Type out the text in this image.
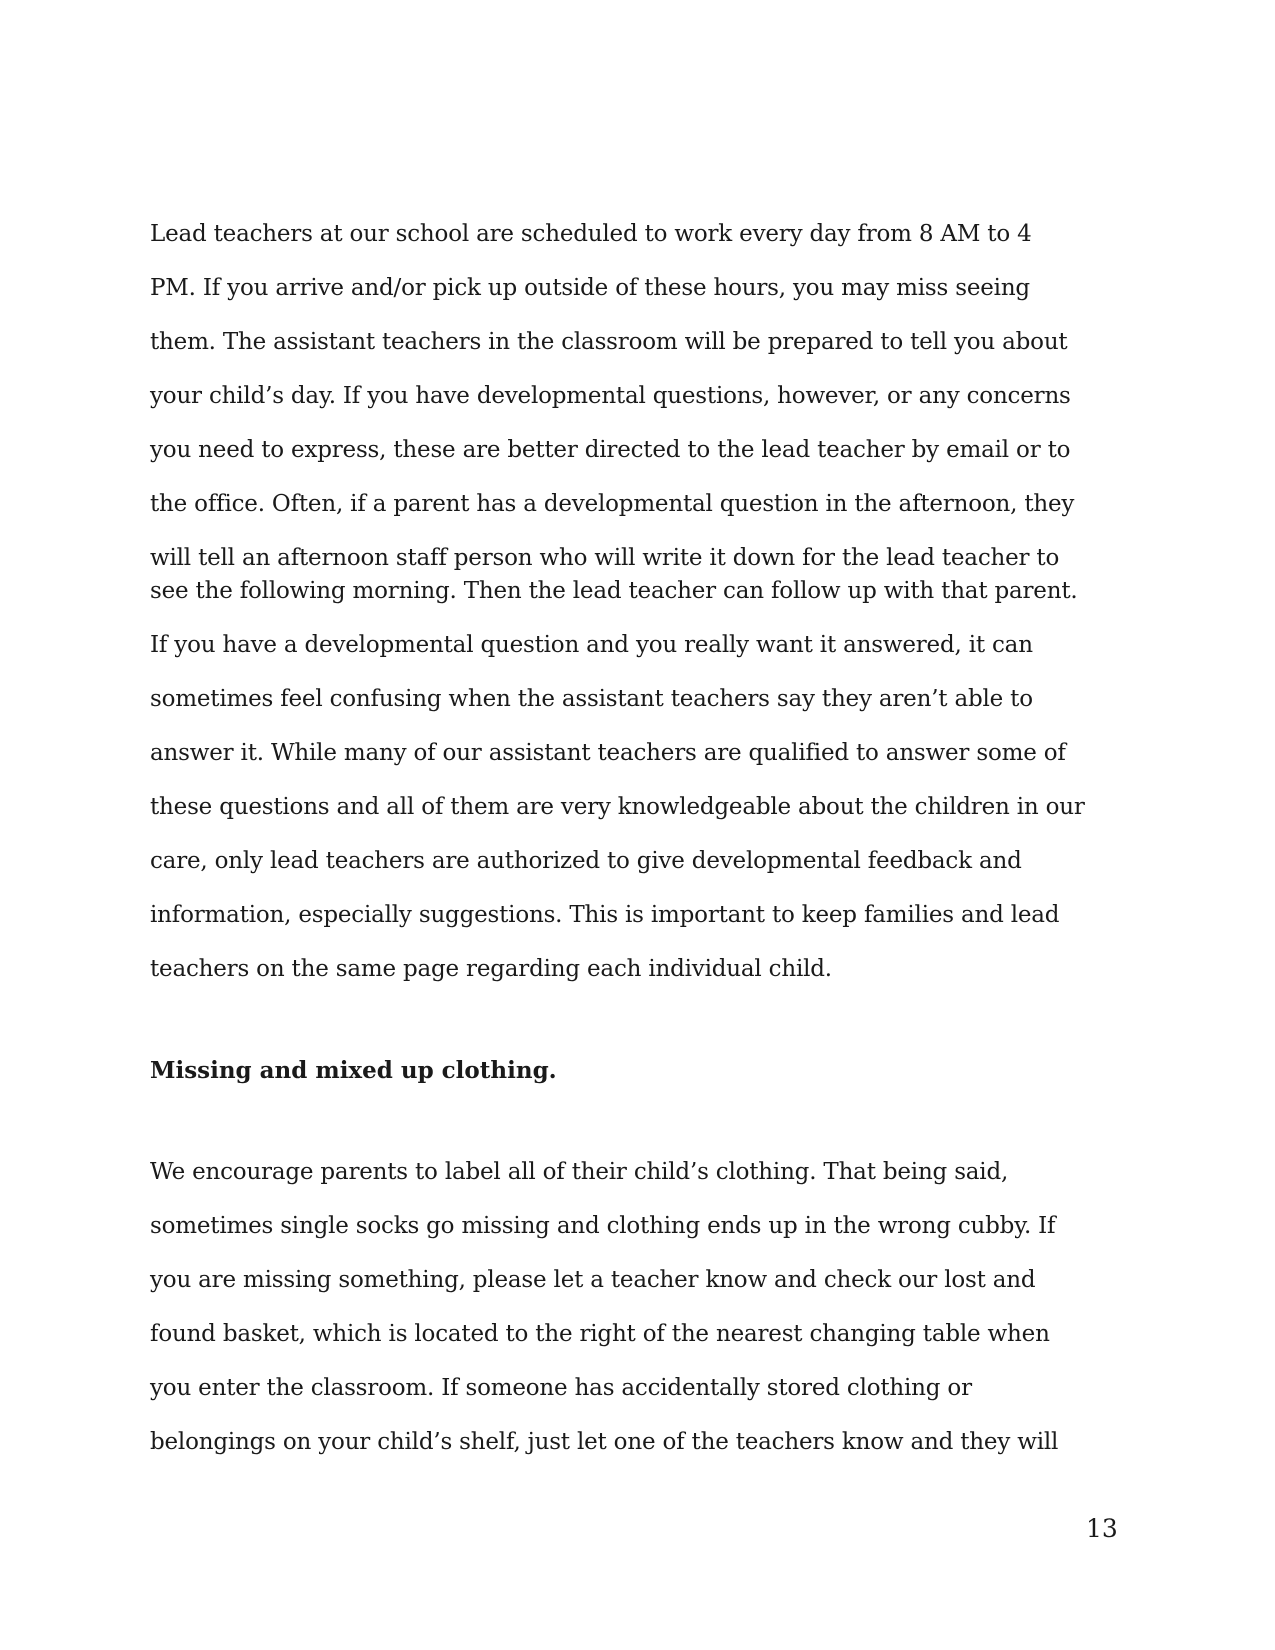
Lead teachers at our school are scheduled to work every day from 8 AM to 4
PM. If you arrive and/or pick up outside of these hours, you may miss seeing
them. The assistant teachers in the classroom will be prepared to tell you about
your child’s day. If you have developmental questions, however, or any concerns
you need to express, these are better directed to the lead teacher by email or to
the office. Often, if a parent has a developmental question in the afternoon, they
will tell an afternoon staff person who will write it down for the lead teacher to
see the following morning. Then the lead teacher can follow up with that parent.
If you have a developmental question and you really want it answered, it can
sometimes feel confusing when the assistant teachers say they aren’t able to
answer it. While many of our assistant teachers are qualified to answer some of
these questions and all of them are very knowledgeable about the children in our
care, only lead teachers are authorized to give developmental feedback and
information, especially suggestions. This is important to keep families and lead
teachers on the same page regarding each individual child.
Missing and mixed up clothing.
We encourage parents to label all of their child’s clothing. That being said,
sometimes single socks go missing and clothing ends up in the wrong cubby. If
you are missing something, please let a teacher know and check our lost and
found basket, which is located to the right of the nearest changing table when
you enter the classroom. If someone has accidentally stored clothing or
belongings on your child’s shelf, just let one of the teachers know and they will
13
